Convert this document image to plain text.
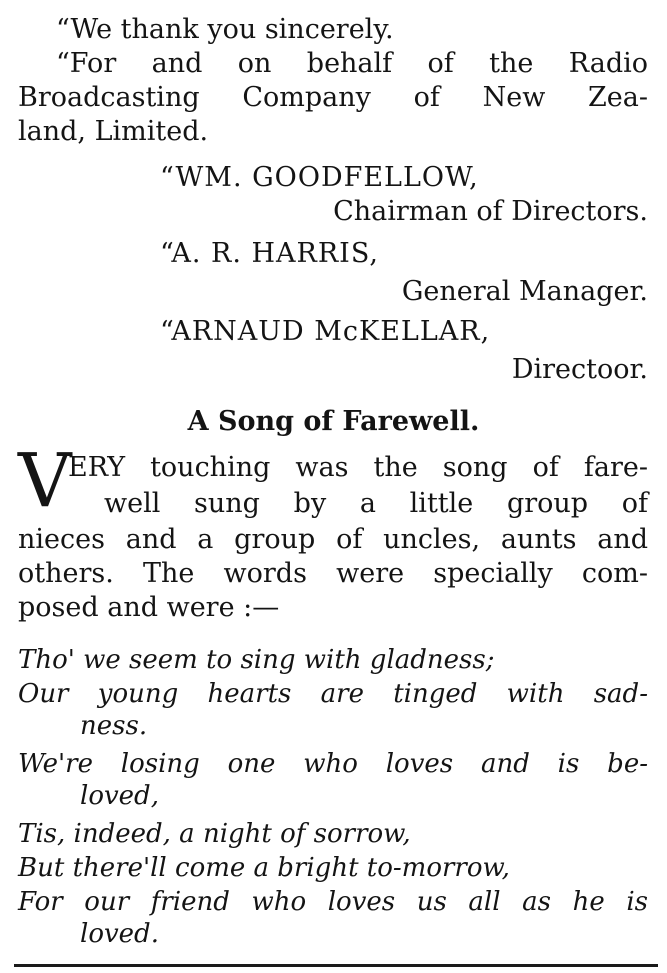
“We thank you sincerely.
“For and on behalf of the Radio
Broadcasting Company of New Zea-
land, Limited.
“WM. GOODFELLOW,
Chairman of Directors.
“A. R. HARRIS,
General Manager.
“ARNAUD McKELLAR,
Directoor.
A Song of Farewell.
V
ERY touching was the song of fare-
well sung by a little group of
nieces and a group of uncles, aunts and
others. The words were specially com-
posed and were :—
Tho' we seem to sing with gladness;
Our young hearts are tinged with sad-
ness.
We're losing one who loves and is be-
loved,
Tis, indeed, a night of sorrow,
But there'll come a bright to-morrow,
For our friend who loves us all as he is
loved.
